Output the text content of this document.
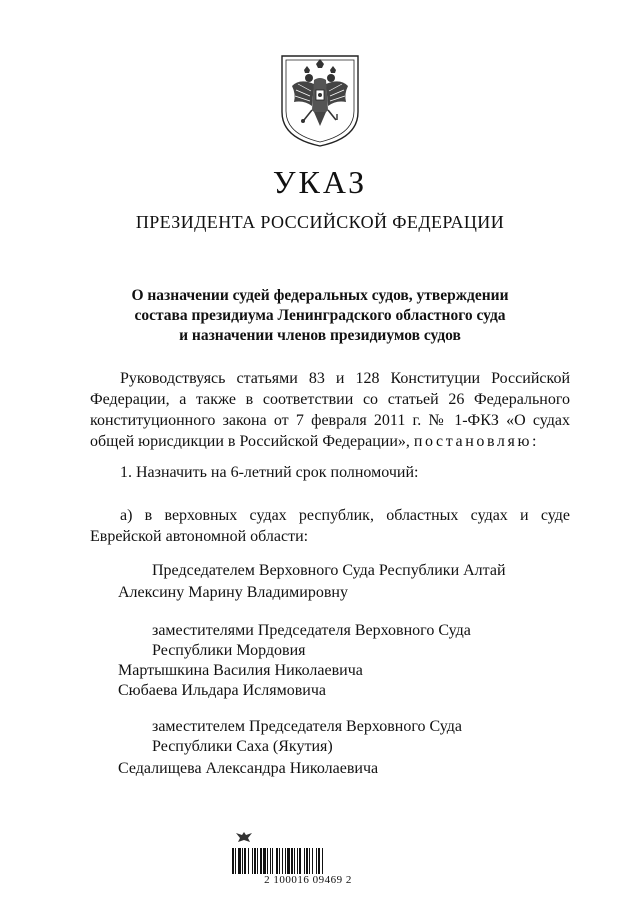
УКАЗ
ПРЕЗИДЕНТА РОССИЙСКОЙ ФЕДЕРАЦИИ
О назначении судей федеральных судов, утверждении
состава президиума Ленинградского областного суда
и назначении членов президиумов судов
Руководствуясь статьями 83 и 128 Конституции Российской
Федерации, а также в соответствии со статьей 26 Федерального
конституционного закона от 7 февраля 2011 г. № 1-ФКЗ «О судах
общей юрисдикции в Российской Федерации», постановляю:
1. Назначить на 6-летний срок полномочий:
а) в верховных судах республик, областных судах и суде
Еврейской автономной области:
Председателем Верховного Суда Республики Алтай
Алексину Марину Владимировну
заместителями Председателя Верховного Суда
Республики Мордовия
Мартышкина Василия Николаевича
Сюбаева Ильдара Ислямовича
заместителем Председателя Верховного Суда
Республики Саха (Якутия)
Седалищева Александра Николаевича
2 100016 09469 2
